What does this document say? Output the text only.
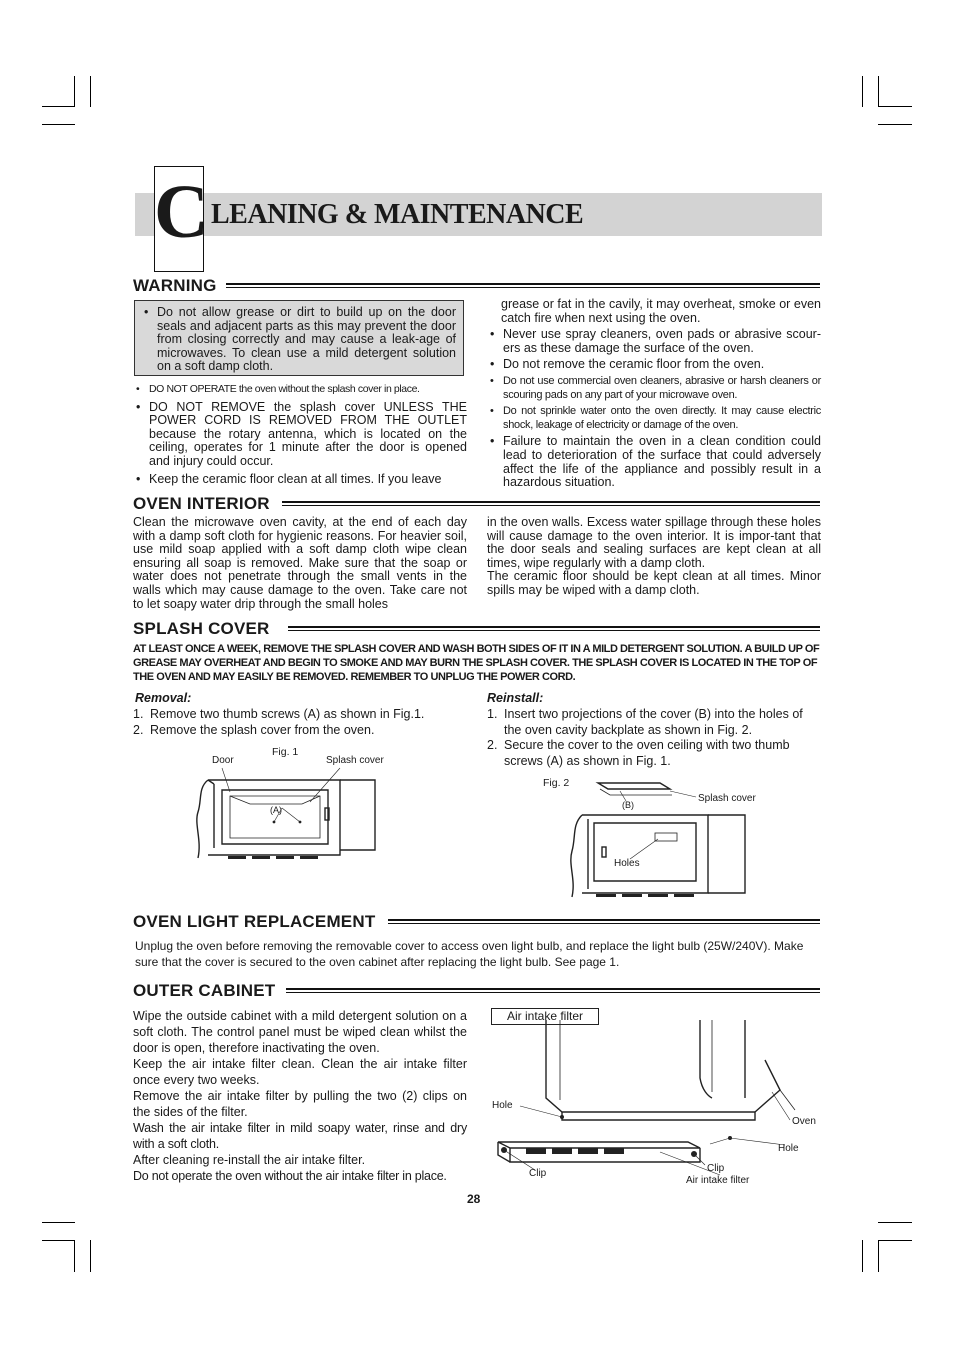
C LEANING & MAINTENANCE
WARNING
• Do not allow grease or dirt to build up on the door seals and adjacent parts as this may prevent the door from closing correctly and may cause a leak-age of microwaves. To clean use a mild detergent solution on a soft damp cloth.
• DO NOT OPERATE the oven without the splash cover in place.
• DO NOT REMOVE the splash cover UNLESS THE POWER CORD IS REMOVED FROM THE OUTLET because the rotary antenna, which is located on the ceiling, operates for 1 minute after the door is opened and injury could occur.
• Keep the ceramic floor clean at all times. If you leave

grease or fat in the cavily, it may overheat, smoke or even catch fire when next using the oven.

• Never use spray cleaners, oven pads or abrasive scour-ers as these damage the surface of the oven.
• Do not remove the ceramic floor from the oven.
• Do not use commercial oven cleaners, abrasive or harsh cleaners or scouring pads on any part of your microwave oven.
• Do not sprinkle water onto the oven directly. It may cause electric shock, leakage of electricity or damage of the oven.
• Failure to maintain the oven in a clean condition could lead to deterioration of the surface that could adversely affect the life of the appliance and possibly result in a hazardous situation.
OVEN INTERIOR

Clean the microwave oven cavity, at the end of each day with a damp soft cloth for hygienic reasons. For heavier soil, use mild soap applied with a soft damp cloth wipe clean ensuring all soap is removed. Make sure that the soap or water does not penetrate through the small vents in the walls which may cause damage to the oven. Take care not to let soapy water drip through the small holes

in the oven walls. Excess water spillage through these holes will cause damage to the oven interior. It is impor-tant that the door seals and sealing surfaces are kept clean at all times, wipe regularly with a damp cloth.

The ceramic floor should be kept clean at all times. Minor spills may be wiped with a damp cloth.

SPLASH COVER

AT LEAST ONCE A WEEK, REMOVE THE SPLASH COVER AND WASH BOTH SIDES OF IT IN A MILD DETERGENT SOLUTION. A BUILD UP OF GREASE MAY OVERHEAT AND BEGIN TO SMOKE AND MAY BURN THE SPLASH COVER. THE SPLASH COVER IS LOCATED IN THE TOP OF THE OVEN AND MAY EASILY BE REMOVED. REMEMBER TO UNPLUG THE POWER CORD.

Removal:
1. Remove two thumb screws (A) as shown in Fig.1.
2. Remove the splash cover from the oven.
Reinstall:
1. Insert two projections of the cover (B) into the holes of the oven cavity backplate as shown in Fig. 2.
2. Secure the cover to the oven ceiling with two thumb screws (A) as shown in Fig. 1.
Fig. 1
Door	Splash cover
(A)
Fig. 2
(B)
Splash cover
Holes
OVEN LIGHT REPLACEMENT

Unplug the oven before removing the removable cover to access oven light bulb, and replace the light bulb (25W/240V). Make sure that the cover is secured to the oven cabinet after replacing the light bulb. See page 1.

OUTER CABINET

Wipe the outside cabinet with a mild detergent solution on a soft cloth. The control panel must be wiped clean whilst the door is open, therefore inactivating the oven.

Keep the air intake filter clean. Clean the air intake filter once every two weeks.

Remove the air intake filter by pulling the two (2) clips on the sides of the filter.

Wash the air intake filter in mild soapy water, rinse and dry with a soft cloth.

After cleaning re-install the air intake filter.

Do not operate the oven without the air intake filter in place.

Air intake filter
Hole
Oven
Hole
Clip	Clip
Air intake filter
28
